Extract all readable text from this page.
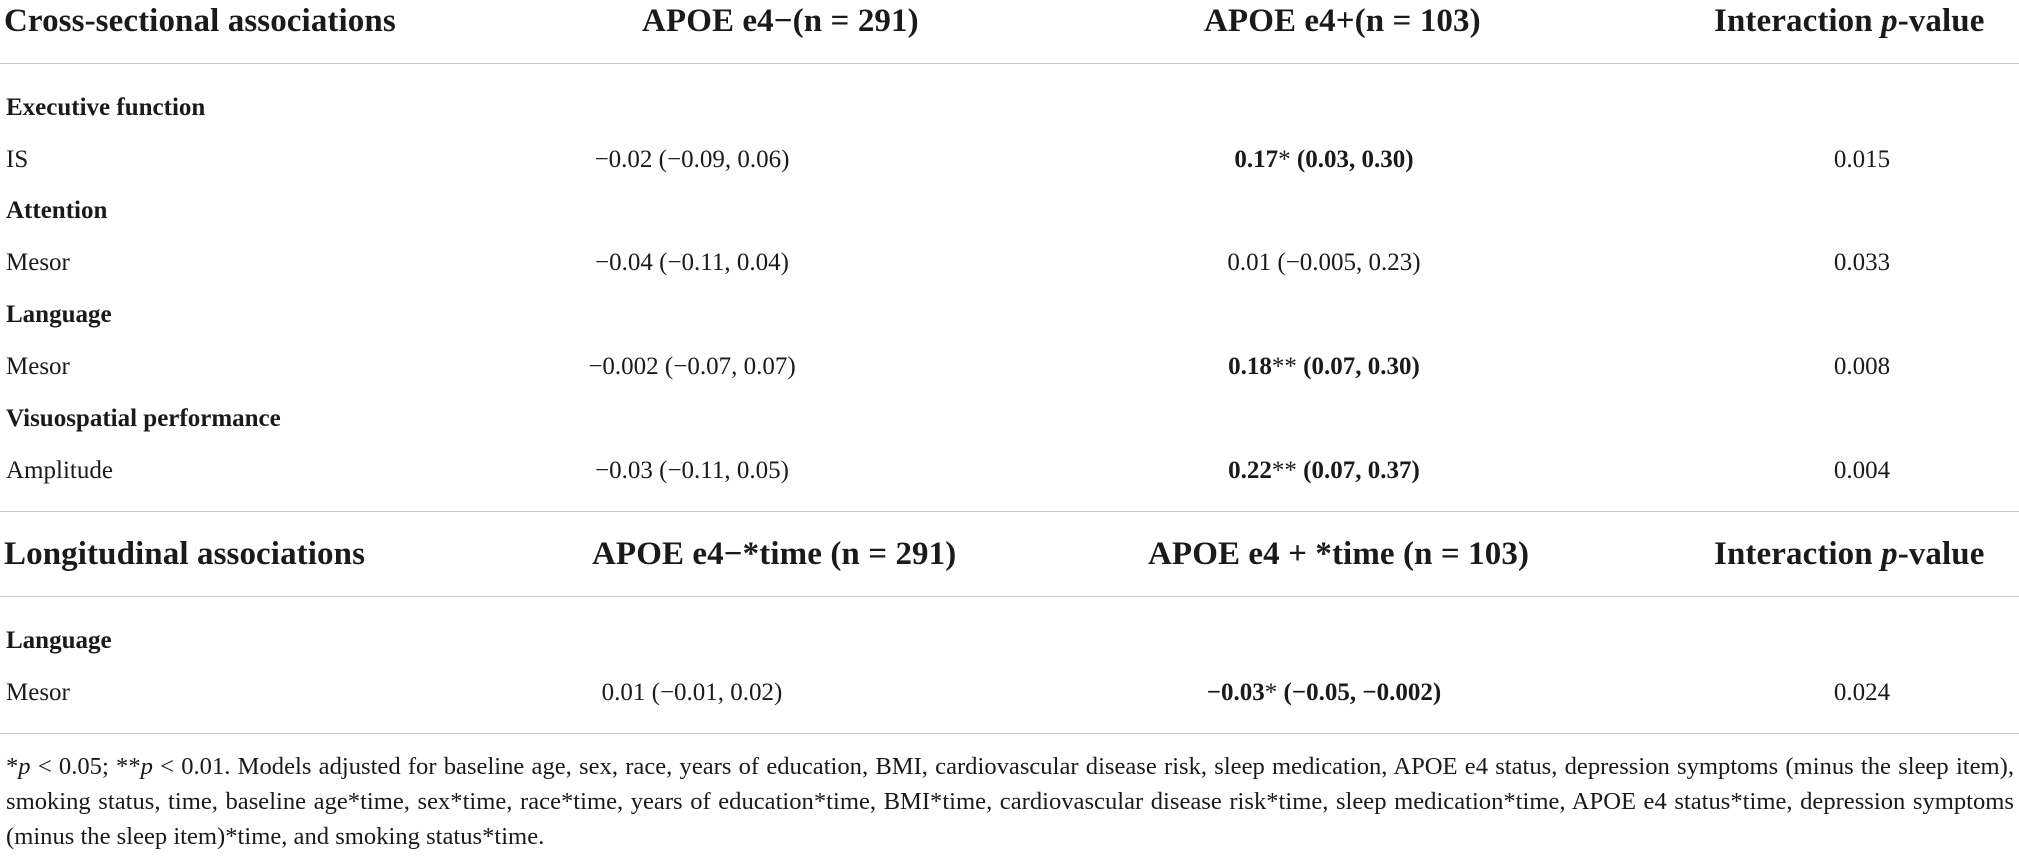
Cross-sectional associations	APOE e4−(n = 291)	APOE e4+(n = 103)	Interaction p-value
Executive function
IS	−0.02 (−0.09, 0.06)	0.17* (0.03, 0.30)	0.015
Attention
Mesor	−0.04 (−0.11, 0.04)	0.01 (−0.005, 0.23)	0.033
Language
Mesor	−0.002 (−0.07, 0.07)	0.18** (0.07, 0.30)	0.008
Visuospatial performance
Amplitude	−0.03 (−0.11, 0.05)	0.22** (0.07, 0.37)	0.004
Longitudinal associations	APOE e4−*time (n = 291)	APOE e4 + *time (n = 103)	Interaction p-value
Language
Mesor	0.01 (−0.01, 0.02)	−0.03* (−0.05, −0.002)	0.024
*p < 0.05; **p < 0.01. Models adjusted for baseline age, sex, race, years of education, BMI, cardiovascular disease risk, sleep medication, APOE e4 status, depression symptoms (minus the sleep item), smoking status, time, baseline age*time, sex*time, race*time, years of education*time, BMI*time, cardiovascular disease risk*time, sleep medication*time, APOE e4 status*time, depression symptoms (minus the sleep item)*time, and smoking status*time.
